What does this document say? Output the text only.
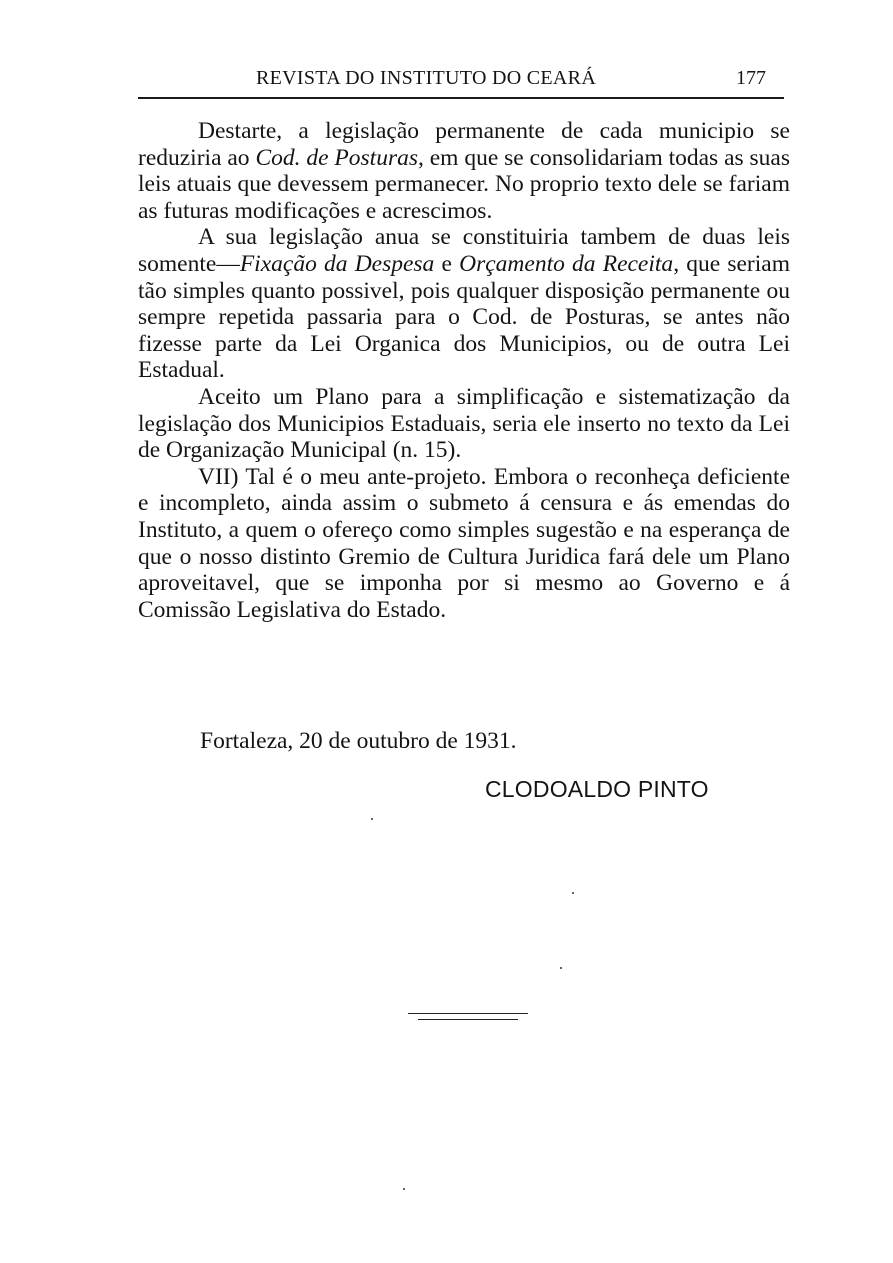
REVISTA DO INSTITUTO DO CEARÁ	177

Destarte, a legislação permanente de cada municipio se reduziria ao Cod. de Posturas, em que se consolidariam todas as suas leis atuais que devessem permanecer. No proprio texto dele se fariam as futuras modificações e acrescimos.

A sua legislação anua se constituiria tambem de duas leis somente—Fixação da Despesa e Orçamento da Receita, que seriam tão simples quanto possivel, pois qualquer disposição permanente ou sempre repetida passaria para o Cod. de Posturas, se antes não fizesse parte da Lei Organica dos Municipios, ou de outra Lei Estadual.

Aceito um Plano para a simplificação e sistematização da legislação dos Municipios Estaduais, seria ele inserto no texto da Lei de Organização Municipal (n. 15).

VII) Tal é o meu ante-projeto. Embora o reconheça deficiente e incompleto, ainda assim o submeto á censura e ás emendas do Instituto, a quem o ofereço como simples sugestão e na esperança de que o nosso distinto Gremio de Cultura Juridica fará dele um Plano aproveitavel, que se imponha por si mesmo ao Governo e á Comissão Legislativa do Estado.

Fortaleza, 20 de outubro de 1931.
CLODOALDO PINTO
